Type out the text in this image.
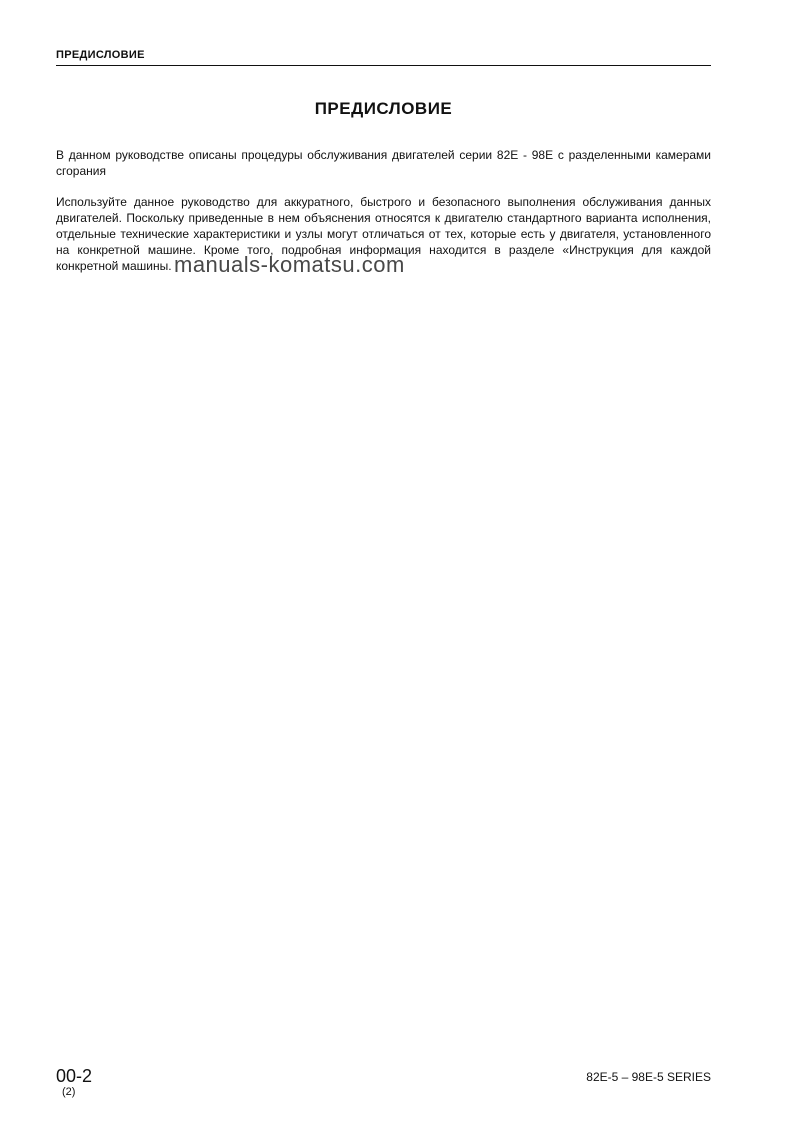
ПРЕДИСЛОВИЕ
ПРЕДИСЛОВИЕ
В данном руководстве описаны процедуры обслуживания двигателей серии 82E - 98E с разделенными камерами сгорания
Используйте данное руководство для аккуратного, быстрого и безопасного выполнения обслуживания данных двигателей. Поскольку приведенные в нем объяснения относятся к двигателю стандартного варианта исполнения, отдельные технические характеристики и узлы могут отличаться от тех, которые есть у двигателя, установленного на конкретной машине. Кроме того, подробная информация находится в разделе «Инструкция для каждой конкретной машины. manuals-komatsu.com
00-2
(2)
82E-5 – 98E-5 SERIES
